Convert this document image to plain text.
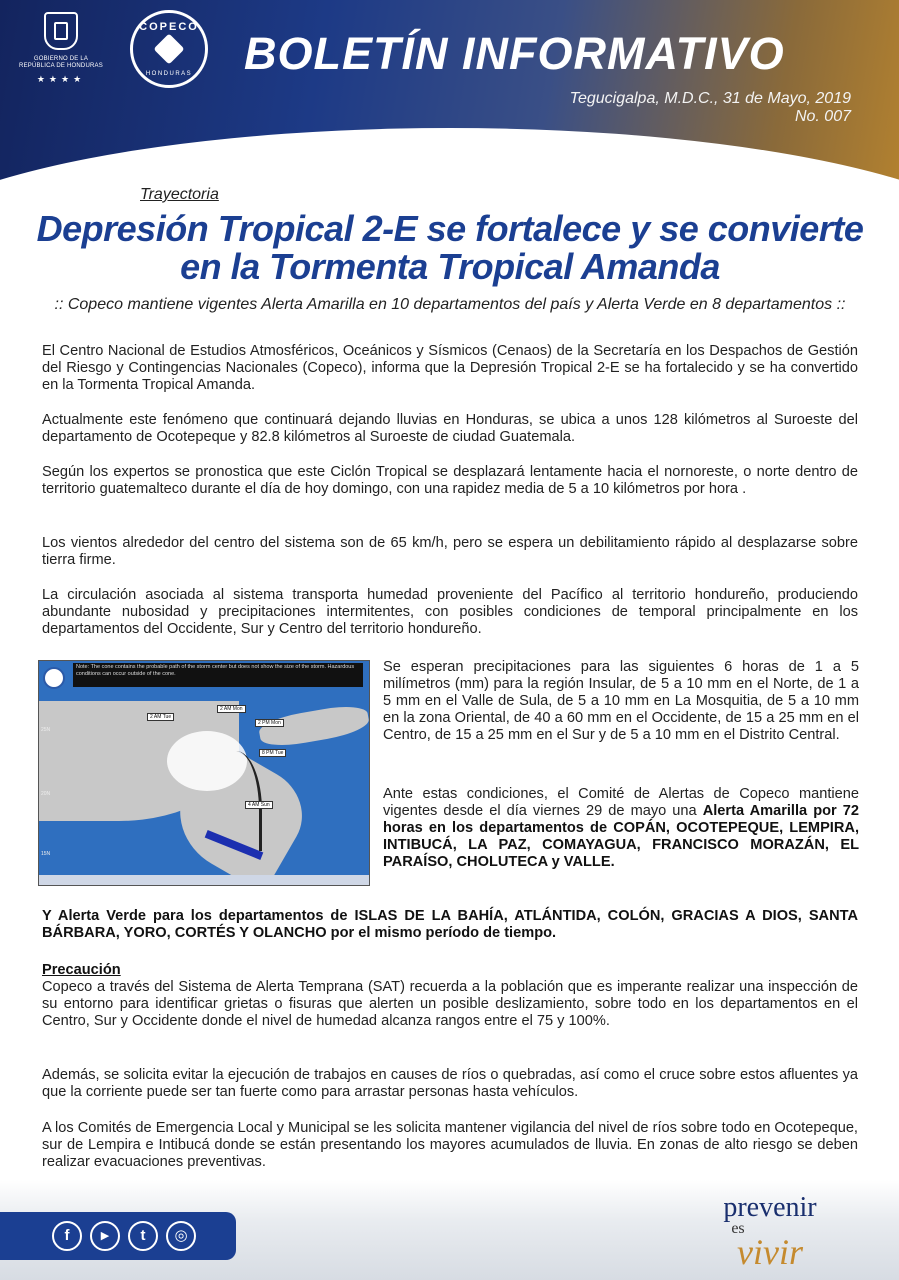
GOBIERNO DE LA
REPÚBLICA DE HONDURAS
★★★★
COPECO
HONDURAS BOLETÍN INFORMATIVO
Tegucigalpa, M.D.C., 31 de Mayo, 2019
No. 007
Trayectoria
Depresión Tropical 2-E se fortalece y se convierte en la Tormenta Tropical Amanda
:: Copeco mantiene vigentes Alerta Amarilla en 10 departamentos del país y Alerta Verde en 8 departamentos ::
El Centro Nacional de Estudios Atmosféricos, Oceánicos y Sísmicos (Cenaos) de la Secretaría en los Despachos de Gestión del Riesgo y Contingencias Nacionales (Copeco), informa que la Depresión Tropical 2-E se ha fortalecido y se ha convertido en la Tormenta Tropical Amanda.
Actualmente este fenómeno que continuará dejando lluvias en Honduras, se ubica a unos 128 kilómetros al Suroeste del departamento de Ocotepeque y 82.8 kilómetros al Suroeste de ciudad Guatemala.
Según los expertos se pronostica que este Ciclón Tropical se desplazará lentamente hacia el nornoreste, o norte dentro de territorio guatemalteco durante el día de hoy domingo, con una rapidez media de 5 a 10 kilómetros por hora .
Los vientos alrededor del centro del sistema son de 65 km/h, pero se espera un debilitamiento rápido al desplazarse sobre tierra firme.
La circulación asociada al sistema transporta humedad proveniente del Pacífico al territorio hondureño, produciendo abundante nubosidad y precipitaciones intermitentes, con posibles condiciones de temporal principalmente en los departamentos del Occidente, Sur y Centro del territorio hondureño.
Note: The cone contains the probable path of the storm center but does not show the size of the storm. Hazardous conditions can occur outside of the cone.
2 AM Tue
2 AM Mon
2 PM Mon
8 PM Tue
4 AM Sun
25N
20N
15N
Se esperan precipitaciones para las siguientes 6 horas de 1 a 5 milímetros (mm) para la región Insular, de 5 a 10 mm en el Norte, de 1 a 5 mm en el Valle de Sula, de 5 a 10 mm en La Mosquitia, de 5 a 10 mm en la zona Oriental, de 40 a 60 mm en el Occidente, de 15 a 25 mm en el Centro, de 15 a 25 mm en el Sur y de 5 a 10 mm en el Distrito Central.
Ante estas condiciones, el Comité de Alertas de Copeco mantiene vigentes desde el día viernes 29 de mayo una Alerta Amarilla por 72 horas en los departamentos de COPÁN, OCOTEPEQUE, LEMPIRA, INTIBUCÁ, LA PAZ, COMAYAGUA, FRANCISCO MORAZÁN, EL PARAÍSO, CHOLUTECA y VALLE.
Y Alerta Verde para los departamentos de ISLAS DE LA BAHÍA, ATLÁNTIDA, COLÓN, GRACIAS A DIOS, SANTA BÁRBARA, YORO, CORTÉS Y OLANCHO por el mismo período de tiempo.
Precaución
Copeco a través del Sistema de Alerta Temprana (SAT) recuerda a la población que es imperante realizar una inspección de su entorno para identificar grietas o fisuras que alerten un posible deslizamiento, sobre todo en los departamentos en el Centro, Sur y Occidente donde el nivel de humedad alcanza rangos entre el 75 y 100%.
Además, se solicita evitar la ejecución de trabajos en causes de ríos o quebradas, así como el cruce sobre estos afluentes ya que la corriente puede ser tan fuerte como para arrastar personas hasta vehículos.
A los Comités de Emergencia Local y Municipal se les solicita mantener vigilancia del nivel de ríos sobre todo en Ocotepeque, sur de Lempira e Intibucá donde se están presentando los mayores acumulados de lluvia. En zonas de alto riesgo se deben realizar evacuaciones preventivas.
f	▶	t	◎
prevenir
es
vivir
